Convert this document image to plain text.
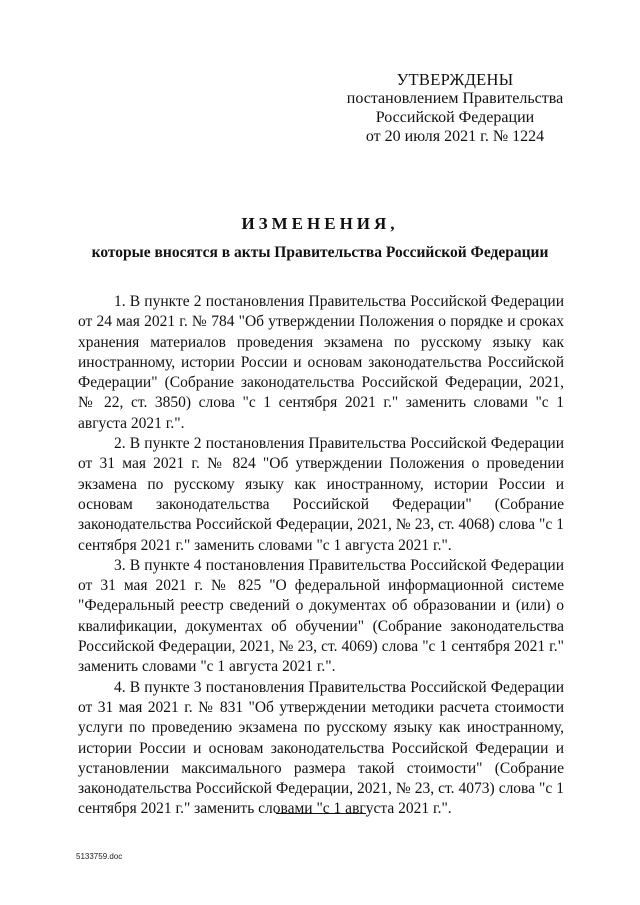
УТВЕРЖДЕНЫ
постановлением Правительства
Российской Федерации
от 20 июля 2021 г. № 1224
ИЗМЕНЕНИЯ,
которые вносятся в акты Правительства Российской Федерации

1. В пункте 2 постановления Правительства Российской Федерации от 24 мая 2021 г. № 784 "Об утверждении Положения о порядке и сроках хранения материалов проведения экзамена по русскому языку как иностранному, истории России и основам законодательства Российской Федерации" (Собрание законодательства Российской Федерации, 2021, № 22, ст. 3850) слова "с 1 сентября 2021 г." заменить словами "с 1 августа 2021 г.".

2. В пункте 2 постановления Правительства Российской Федерации от 31 мая 2021 г. № 824 "Об утверждении Положения о проведении экзамена по русскому языку как иностранному, истории России и основам законодательства Российской Федерации" (Собрание законодательства Российской Федерации, 2021, № 23, ст. 4068) слова "с 1 сентября 2021 г." заменить словами "с 1 августа 2021 г.".

3. В пункте 4 постановления Правительства Российской Федерации от 31 мая 2021 г. № 825 "О федеральной информационной системе "Федеральный реестр сведений о документах об образовании и (или) о квалификации, документах об обучении" (Собрание законодательства Российской Федерации, 2021, № 23, ст. 4069) слова "с 1 сентября 2021 г." заменить словами "с 1 августа 2021 г.".

4. В пункте 3 постановления Правительства Российской Федерации от 31 мая 2021 г. № 831 "Об утверждении методики расчета стоимости услуги по проведению экзамена по русскому языку как иностранному, истории России и основам законодательства Российской Федерации и установлении максимального размера такой стоимости" (Собрание законодательства Российской Федерации, 2021, № 23, ст. 4073) слова "с 1 сентября 2021 г." заменить словами "с 1 августа 2021 г.".

5133759.doc
